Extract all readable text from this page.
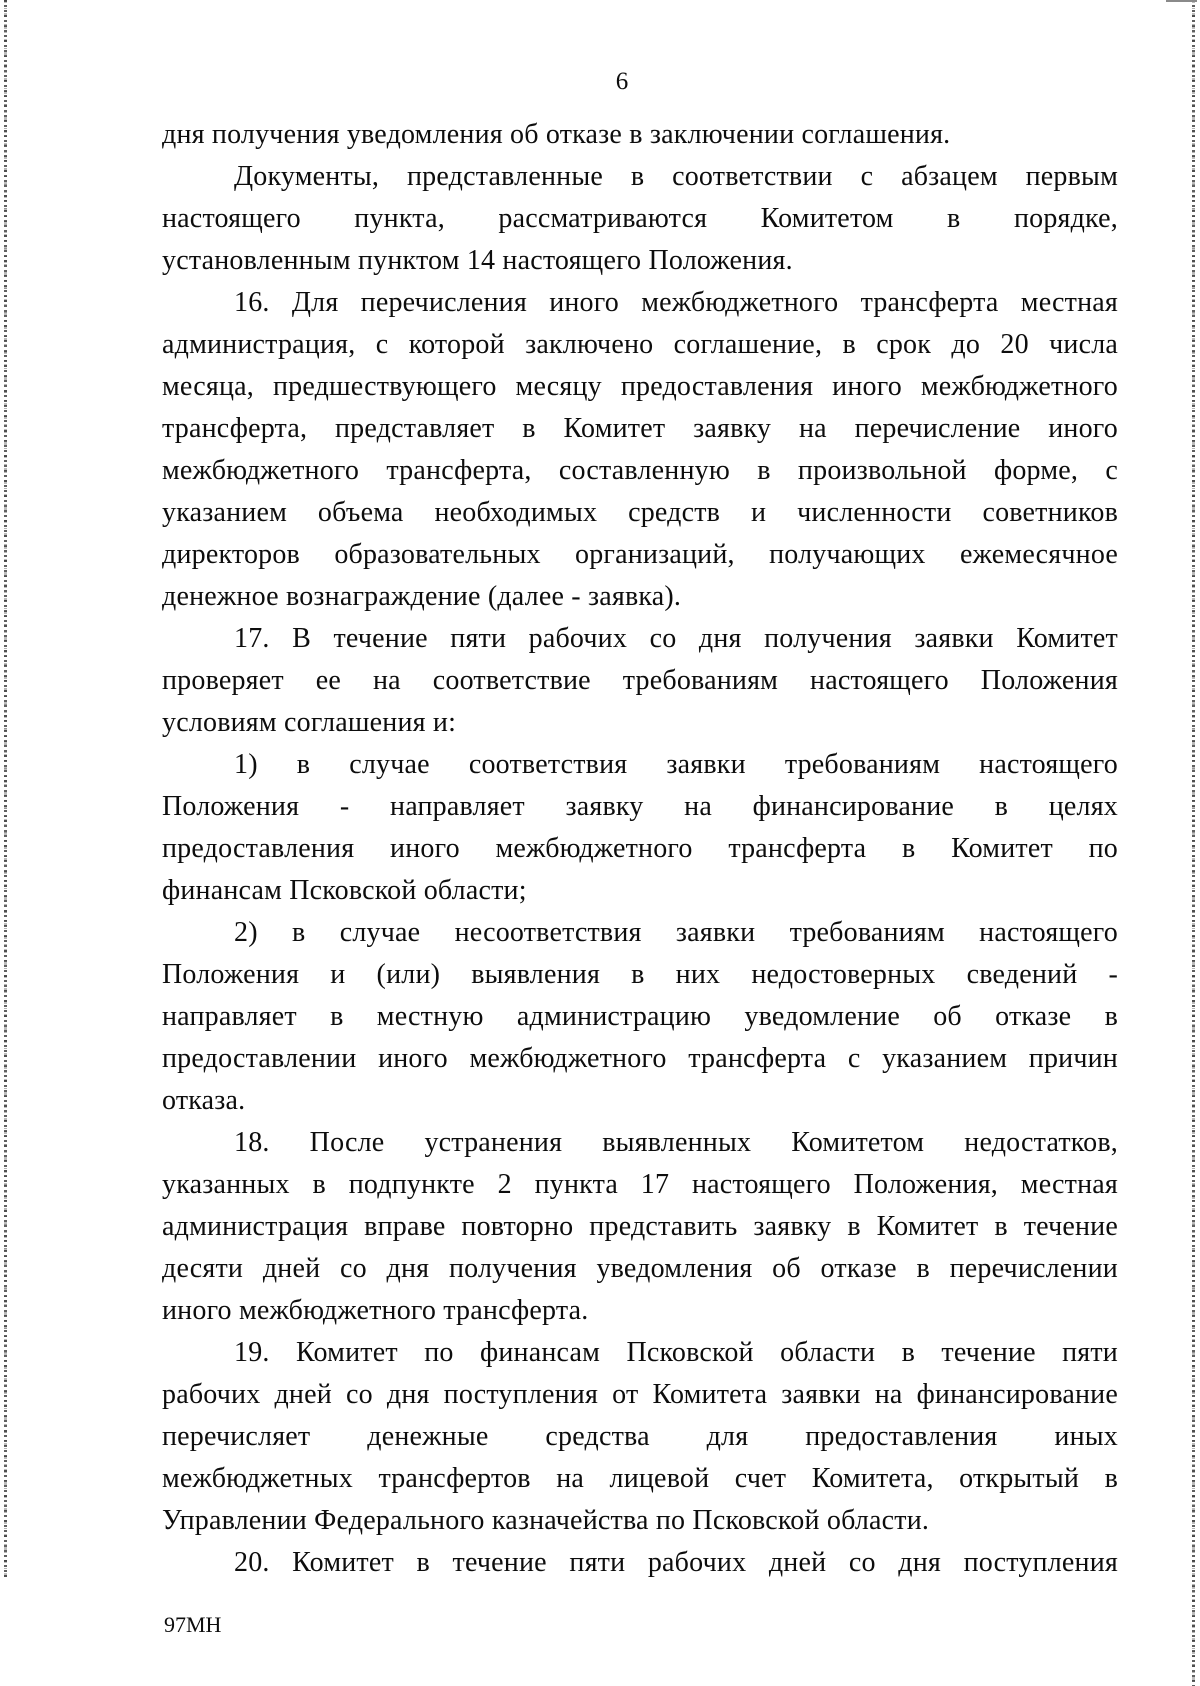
6
дня получения уведомления об отказе в заключении соглашения.
Документы, представленные в соответствии с абзацем первым
настоящего пункта, рассматриваются Комитетом в порядке,
установленным пунктом 14 настоящего Положения.
16. Для перечисления иного межбюджетного трансферта местная
администрация, с которой заключено соглашение, в срок до 20 числа
месяца, предшествующего месяцу предоставления иного межбюджетного
трансферта, представляет в Комитет заявку на перечисление иного
межбюджетного трансферта, составленную в произвольной форме, с
указанием объема необходимых средств и численности советников
директоров образовательных организаций, получающих ежемесячное
денежное вознаграждение (далее - заявка).
17. В течение пяти рабочих со дня получения заявки Комитет
проверяет ее на соответствие требованиям настоящего Положения
условиям соглашения и:
1) в случае соответствия заявки требованиям настоящего
Положения - направляет заявку на финансирование в целях
предоставления иного межбюджетного трансферта в Комитет по
финансам Псковской области;
2) в случае несоответствия заявки требованиям настоящего
Положения и (или) выявления в них недостоверных сведений -
направляет в местную администрацию уведомление об отказе в
предоставлении иного межбюджетного трансферта с указанием причин
отказа.
18. После устранения выявленных Комитетом недостатков,
указанных в подпункте 2 пункта 17 настоящего Положения, местная
администрация вправе повторно представить заявку в Комитет в течение
десяти дней со дня получения уведомления об отказе в перечислении
иного межбюджетного трансферта.
19. Комитет по финансам Псковской области в течение пяти
рабочих дней со дня поступления от Комитета заявки на финансирование
перечисляет денежные средства для предоставления иных
межбюджетных трансфертов на лицевой счет Комитета, открытый в
Управлении Федерального казначейства по Псковской области.
20. Комитет в течение пяти рабочих дней со дня поступления
97МН
